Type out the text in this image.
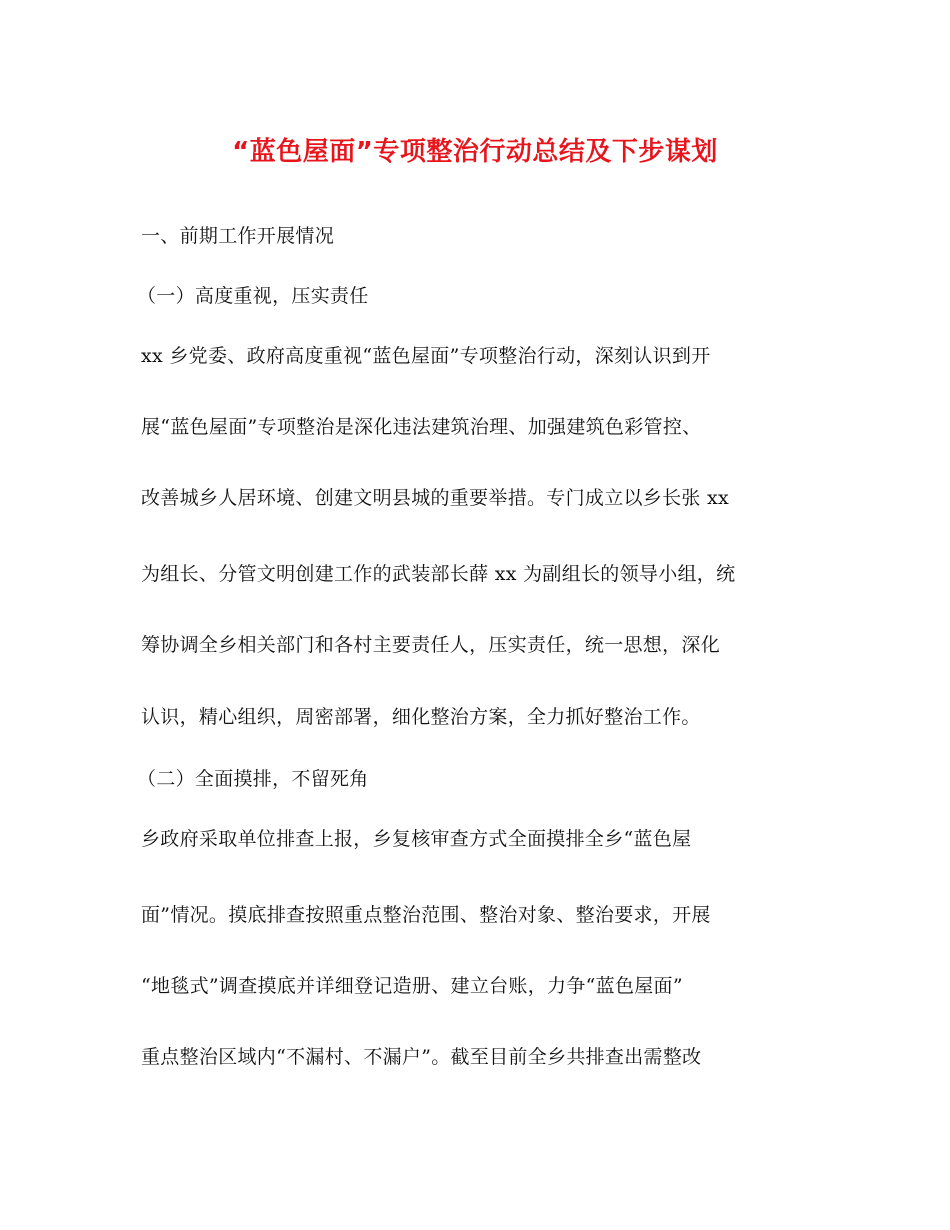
“蓝色屋面”专项整治行动总结及下步谋划
一、前期工作开展情况
（一）高度重视，压实责任
xx 乡党委、政府高度重视“蓝色屋面”专项整治行动，深刻认识到开
展“蓝色屋面”专项整治是深化违法建筑治理、加强建筑色彩管控、
改善城乡人居环境、创建文明县城的重要举措。专门成立以乡长张 xx
为组长、分管文明创建工作的武装部长薛 xx 为副组长的领导小组，统
筹协调全乡相关部门和各村主要责任人，压实责任，统一思想，深化
认识，精心组织，周密部署，细化整治方案，全力抓好整治工作。
（二）全面摸排，不留死角
乡政府采取单位排查上报，乡复核审查方式全面摸排全乡“蓝色屋
面”情况。摸底排查按照重点整治范围、整治对象、整治要求，开展
“地毯式”调查摸底并详细登记造册、建立台账，力争“蓝色屋面”
重点整治区域内“不漏村、不漏户”。截至目前全乡共排查出需整改
